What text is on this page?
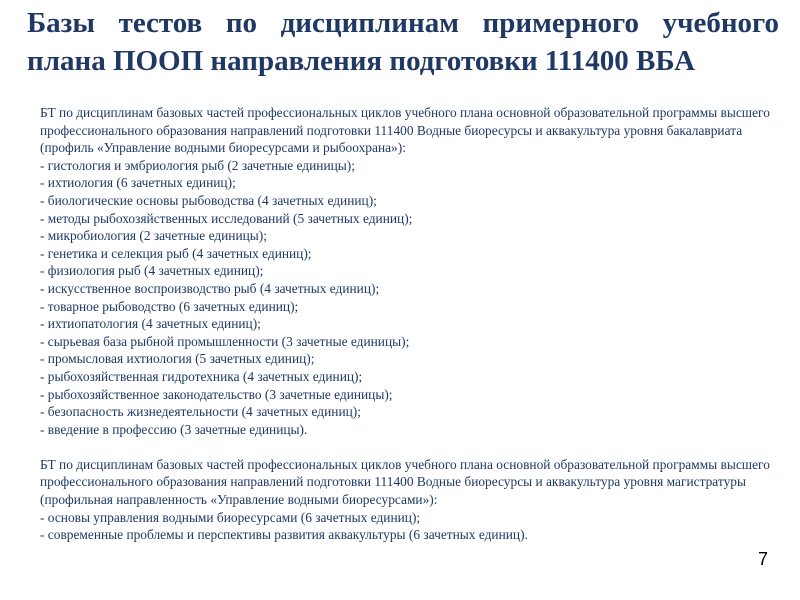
Базы тестов по дисциплинам примерного учебного плана ПООП направления подготовки 111400 ВБА

БТ по дисциплинам базовых частей профессиональных циклов учебного плана основной образовательной программы высшего профессионального образования направлений подготовки 111400 Водные биоресурсы и аквакультура уровня бакалавриата (профиль «Управление водными биоресурсами и рыбоохрана»):

- гистология и эмбриология рыб (2 зачетные единицы);
- ихтиология (6 зачетных единиц);
- биологические основы рыбоводства (4 зачетных единиц);
- методы рыбохозяйственных исследований (5 зачетных единиц);
- микробиология (2 зачетные единицы);
- генетика и селекция рыб (4 зачетных единиц);
- физиология рыб (4 зачетных единиц);
- искусственное воспроизводство рыб (4 зачетных единиц);
- товарное рыбоводство (6 зачетных единиц);
- ихтиопатология (4 зачетных единиц);
- сырьевая база рыбной промышленности (3 зачетные единицы);
- промысловая ихтиология (5 зачетных единиц);
- рыбохозяйственная гидротехника (4 зачетных единиц);
- рыбохозяйственное законодательство (3 зачетные единицы);
- безопасность жизнедеятельности (4 зачетных единиц);
- введение в профессию (3 зачетные единицы).

БТ по дисциплинам базовых частей профессиональных циклов учебного плана основной образовательной программы высшего профессионального образования направлений подготовки 111400 Водные биоресурсы и аквакультура уровня магистратуры (профильная направленность «Управление водными биоресурсами»):

- основы управления водными биоресурсами (6 зачетных единиц);
- современные проблемы и перспективы развития аквакультуры (6 зачетных единиц).
7
